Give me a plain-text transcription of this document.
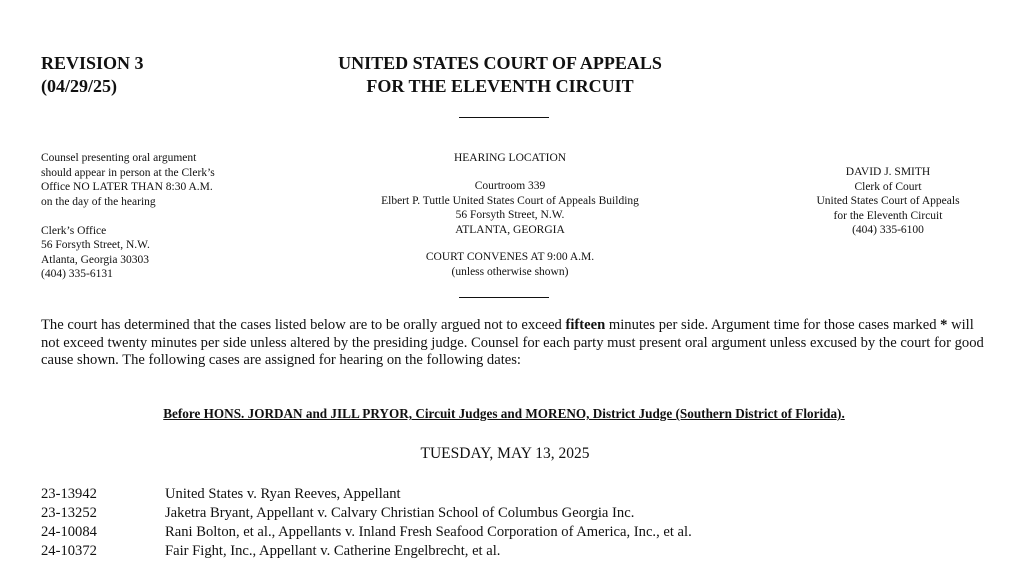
REVISION 3
(04/29/25)
UNITED STATES COURT OF APPEALS
FOR THE ELEVENTH CIRCUIT
Counsel presenting oral argument
should appear in person at the Clerk’s
Office NO LATER THAN 8:30 A.M.
on the day of the hearing
Clerk’s Office
56 Forsyth Street, N.W.
Atlanta, Georgia 30303
(404) 335-6131
HEARING LOCATION
Courtroom 339
Elbert P. Tuttle United States Court of Appeals Building
56 Forsyth Street, N.W.
ATLANTA, GEORGIA
COURT CONVENES AT 9:00 A.M.
(unless otherwise shown)
DAVID J. SMITH
Clerk of Court
United States Court of Appeals
for the Eleventh Circuit
(404) 335-6100
The court has determined that the cases listed below are to be orally argued not to exceed fifteen minutes per side. Argument time for those cases marked * will not exceed twenty minutes per side unless altered by the presiding judge. Counsel for each party must present oral argument unless excused by the court for good cause shown. The following cases are assigned for hearing on the following dates:
Before HONS. JORDAN and JILL PRYOR, Circuit Judges and MORENO, District Judge (Southern District of Florida).
TUESDAY, MAY 13, 2025
23-13942	United States v. Ryan Reeves, Appellant
23-13252	Jaketra Bryant, Appellant v. Calvary Christian School of Columbus Georgia Inc.
24-10084	Rani Bolton, et al., Appellants v. Inland Fresh Seafood Corporation of America, Inc., et al.
24-10372	Fair Fight, Inc., Appellant v. Catherine Engelbrecht, et al.
